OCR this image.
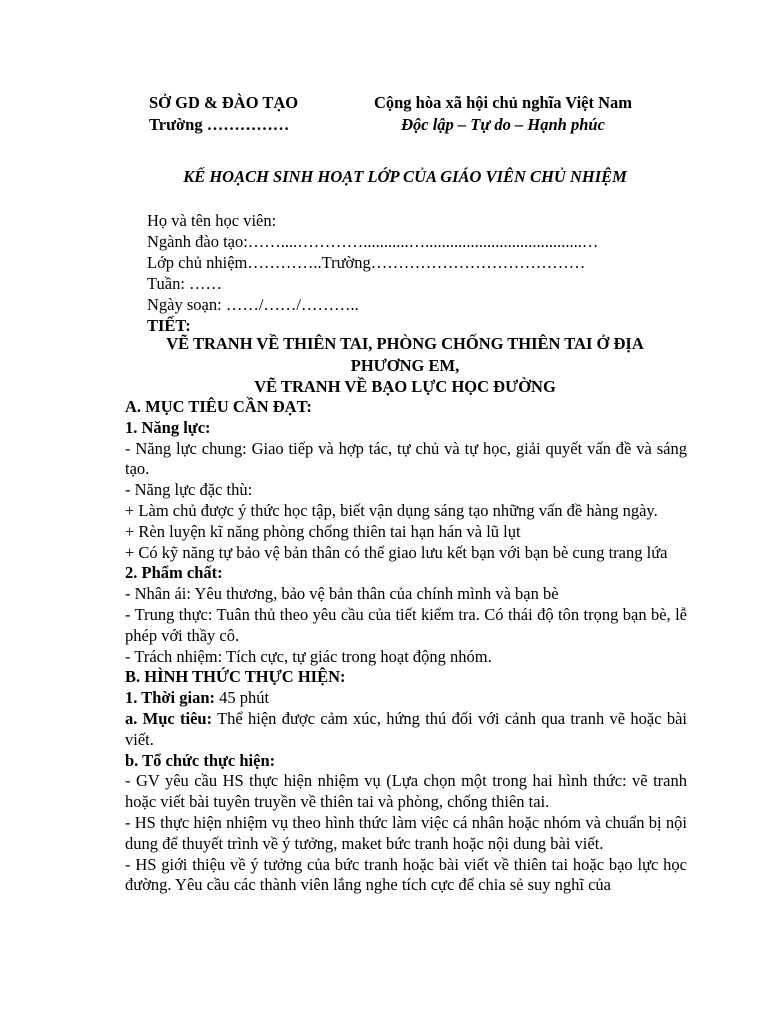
SỞ GD & ĐÀO TẠO
Trường ……………
Cộng hòa xã hội chủ nghĩa Việt Nam
Độc lập – Tự do – Hạnh phúc
KẾ HOẠCH SINH HOẠT LỚP CỦA GIÁO VIÊN CHỦ NHIỆM
Họ và tên học viên:
Ngành đào tạo:……....…………...........…......................................…
Lớp chủ nhiệm…………..Trường…………………………………
Tuần: ……
Ngày soạn: ……/……/………..
TIẾT:
VẼ TRANH VỀ THIÊN TAI, PHÒNG CHỐNG THIÊN TAI Ở ĐỊA PHƯƠNG EM,
VẼ TRANH VỀ BẠO LỰC HỌC ĐƯỜNG

A. MỤC TIÊU CẦN ĐẠT:

1. Năng lực:

- Năng lực chung: Giao tiếp và hợp tác, tự chủ và tự học, giải quyết vấn đề và sáng tạo.

- Năng lực đặc thù:

+ Làm chủ được ý thức học tập, biết vận dụng sáng tạo những vấn đề hàng ngày.

+ Rèn luyện kĩ năng phòng chống thiên tai hạn hán và lũ lụt

+ Có kỹ năng tự bảo vệ bản thân có thể giao lưu kết bạn với bạn bè cung trang lứa

2. Phẩm chất:

- Nhân ái: Yêu thương, bảo vệ bản thân của chính mình và bạn bè

- Trung thực: Tuân thủ theo yêu cầu của tiết kiểm tra. Có thái độ tôn trọng bạn bè, lễ phép với thầy cô.

- Trách nhiệm: Tích cực, tự giác trong hoạt động nhóm.

B. HÌNH THỨC THỰC HIỆN:

1. Thời gian: 45 phút

a. Mục tiêu: Thể hiện được cảm xúc, hứng thú đối với cảnh qua tranh vẽ hoặc bài viết.

b. Tổ chức thực hiện:

- GV yêu cầu HS thực hiện nhiệm vụ (Lựa chọn một trong hai hình thức: vẽ tranh hoặc viết bài tuyên truyền về thiên tai và phòng, chống thiên tai.

- HS thực hiện nhiệm vụ theo hình thức làm việc cá nhân hoặc nhóm và chuẩn bị nội dung để thuyết trình về ý tưởng, maket bức tranh hoặc nội dung bài viết.

- HS giới thiệu về ý tưởng của bức tranh hoặc bài viết về thiên tai hoặc bạo lực học đường. Yêu cầu các thành viên lắng nghe tích cực để chia sẻ suy nghĩ của
